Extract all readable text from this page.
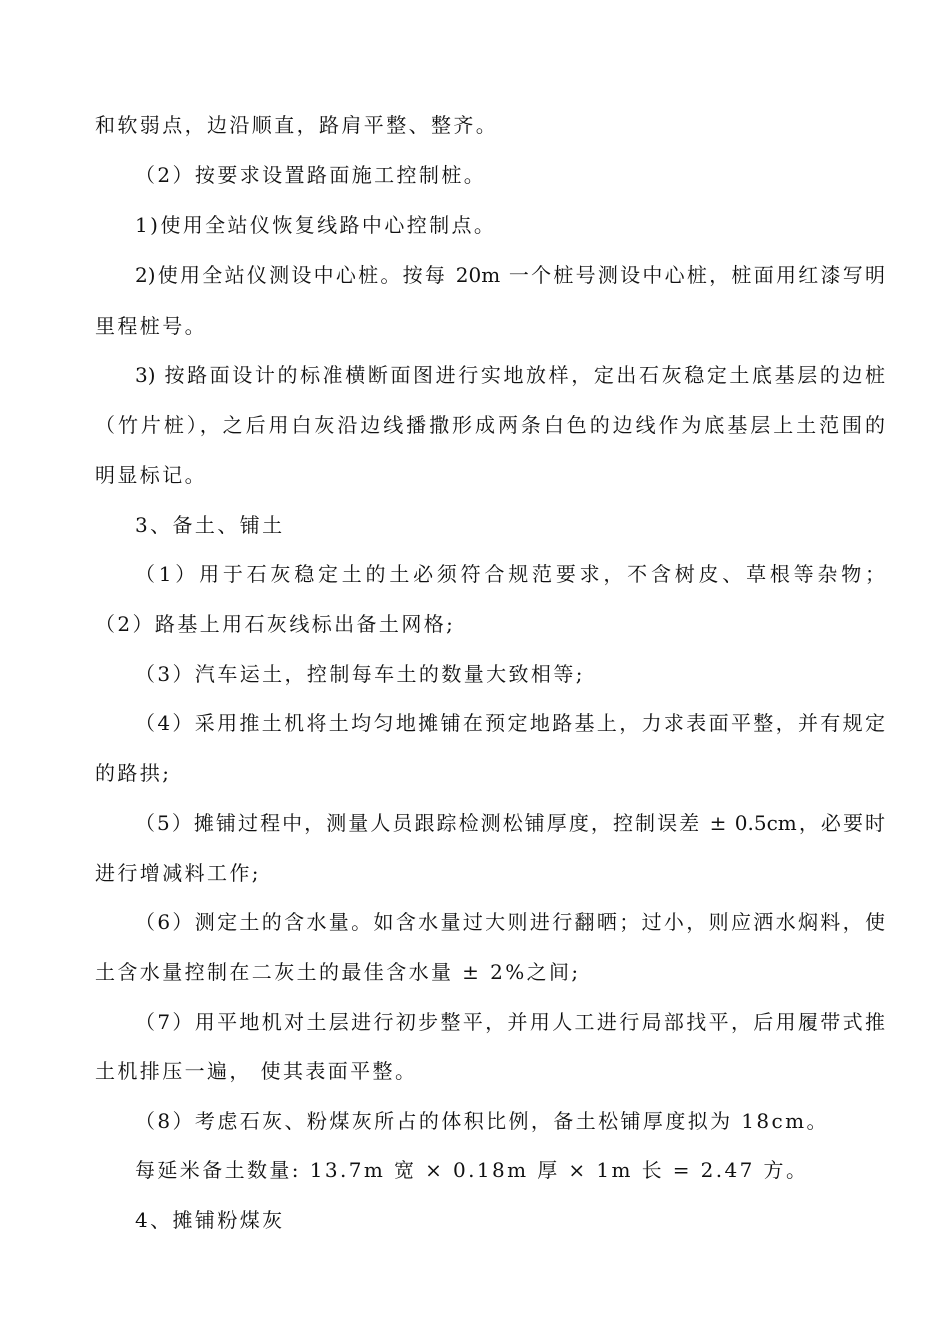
和软弱点，边沿顺直，路肩平整、整齐。
（2）按要求设置路面施工控制桩。
1)使用全站仪恢复线路中心控制点。
2)使用全站仪测设中心桩。按每 20m 一个桩号测设中心桩，桩面用红漆写明
里程桩号。
3) 按路面设计的标准横断面图进行实地放样，定出石灰稳定土底基层的边桩
（竹片桩），之后用白灰沿边线播撒形成两条白色的边线作为底基层上土范围的
明显标记。
3、备土、铺土
（1）用于石灰稳定土的土必须符合规范要求，不含树皮、草根等杂物；
（2）路基上用石灰线标出备土网格;
（3）汽车运土，控制每车土的数量大致相等;
（4）采用推土机将土均匀地摊铺在预定地路基上，力求表面平整，并有规定
的路拱;
（5）摊铺过程中，测量人员跟踪检测松铺厚度，控制误差 ± 0.5cm，必要时
进行增减料工作;
（6）测定土的含水量。如含水量过大则进行翻晒；过小，则应洒水焖料，使
土含水量控制在二灰土的最佳含水量 ± 2%之间;
（7）用平地机对土层进行初步整平，并用人工进行局部找平，后用履带式推
土机排压一遍， 使其表面平整。
（8）考虑石灰、粉煤灰所占的体积比例，备土松铺厚度拟为 18cm。
每延米备土数量: 13.7m 宽 × 0.18m 厚 × 1m 长 = 2.47 方。
4、摊铺粉煤灰
